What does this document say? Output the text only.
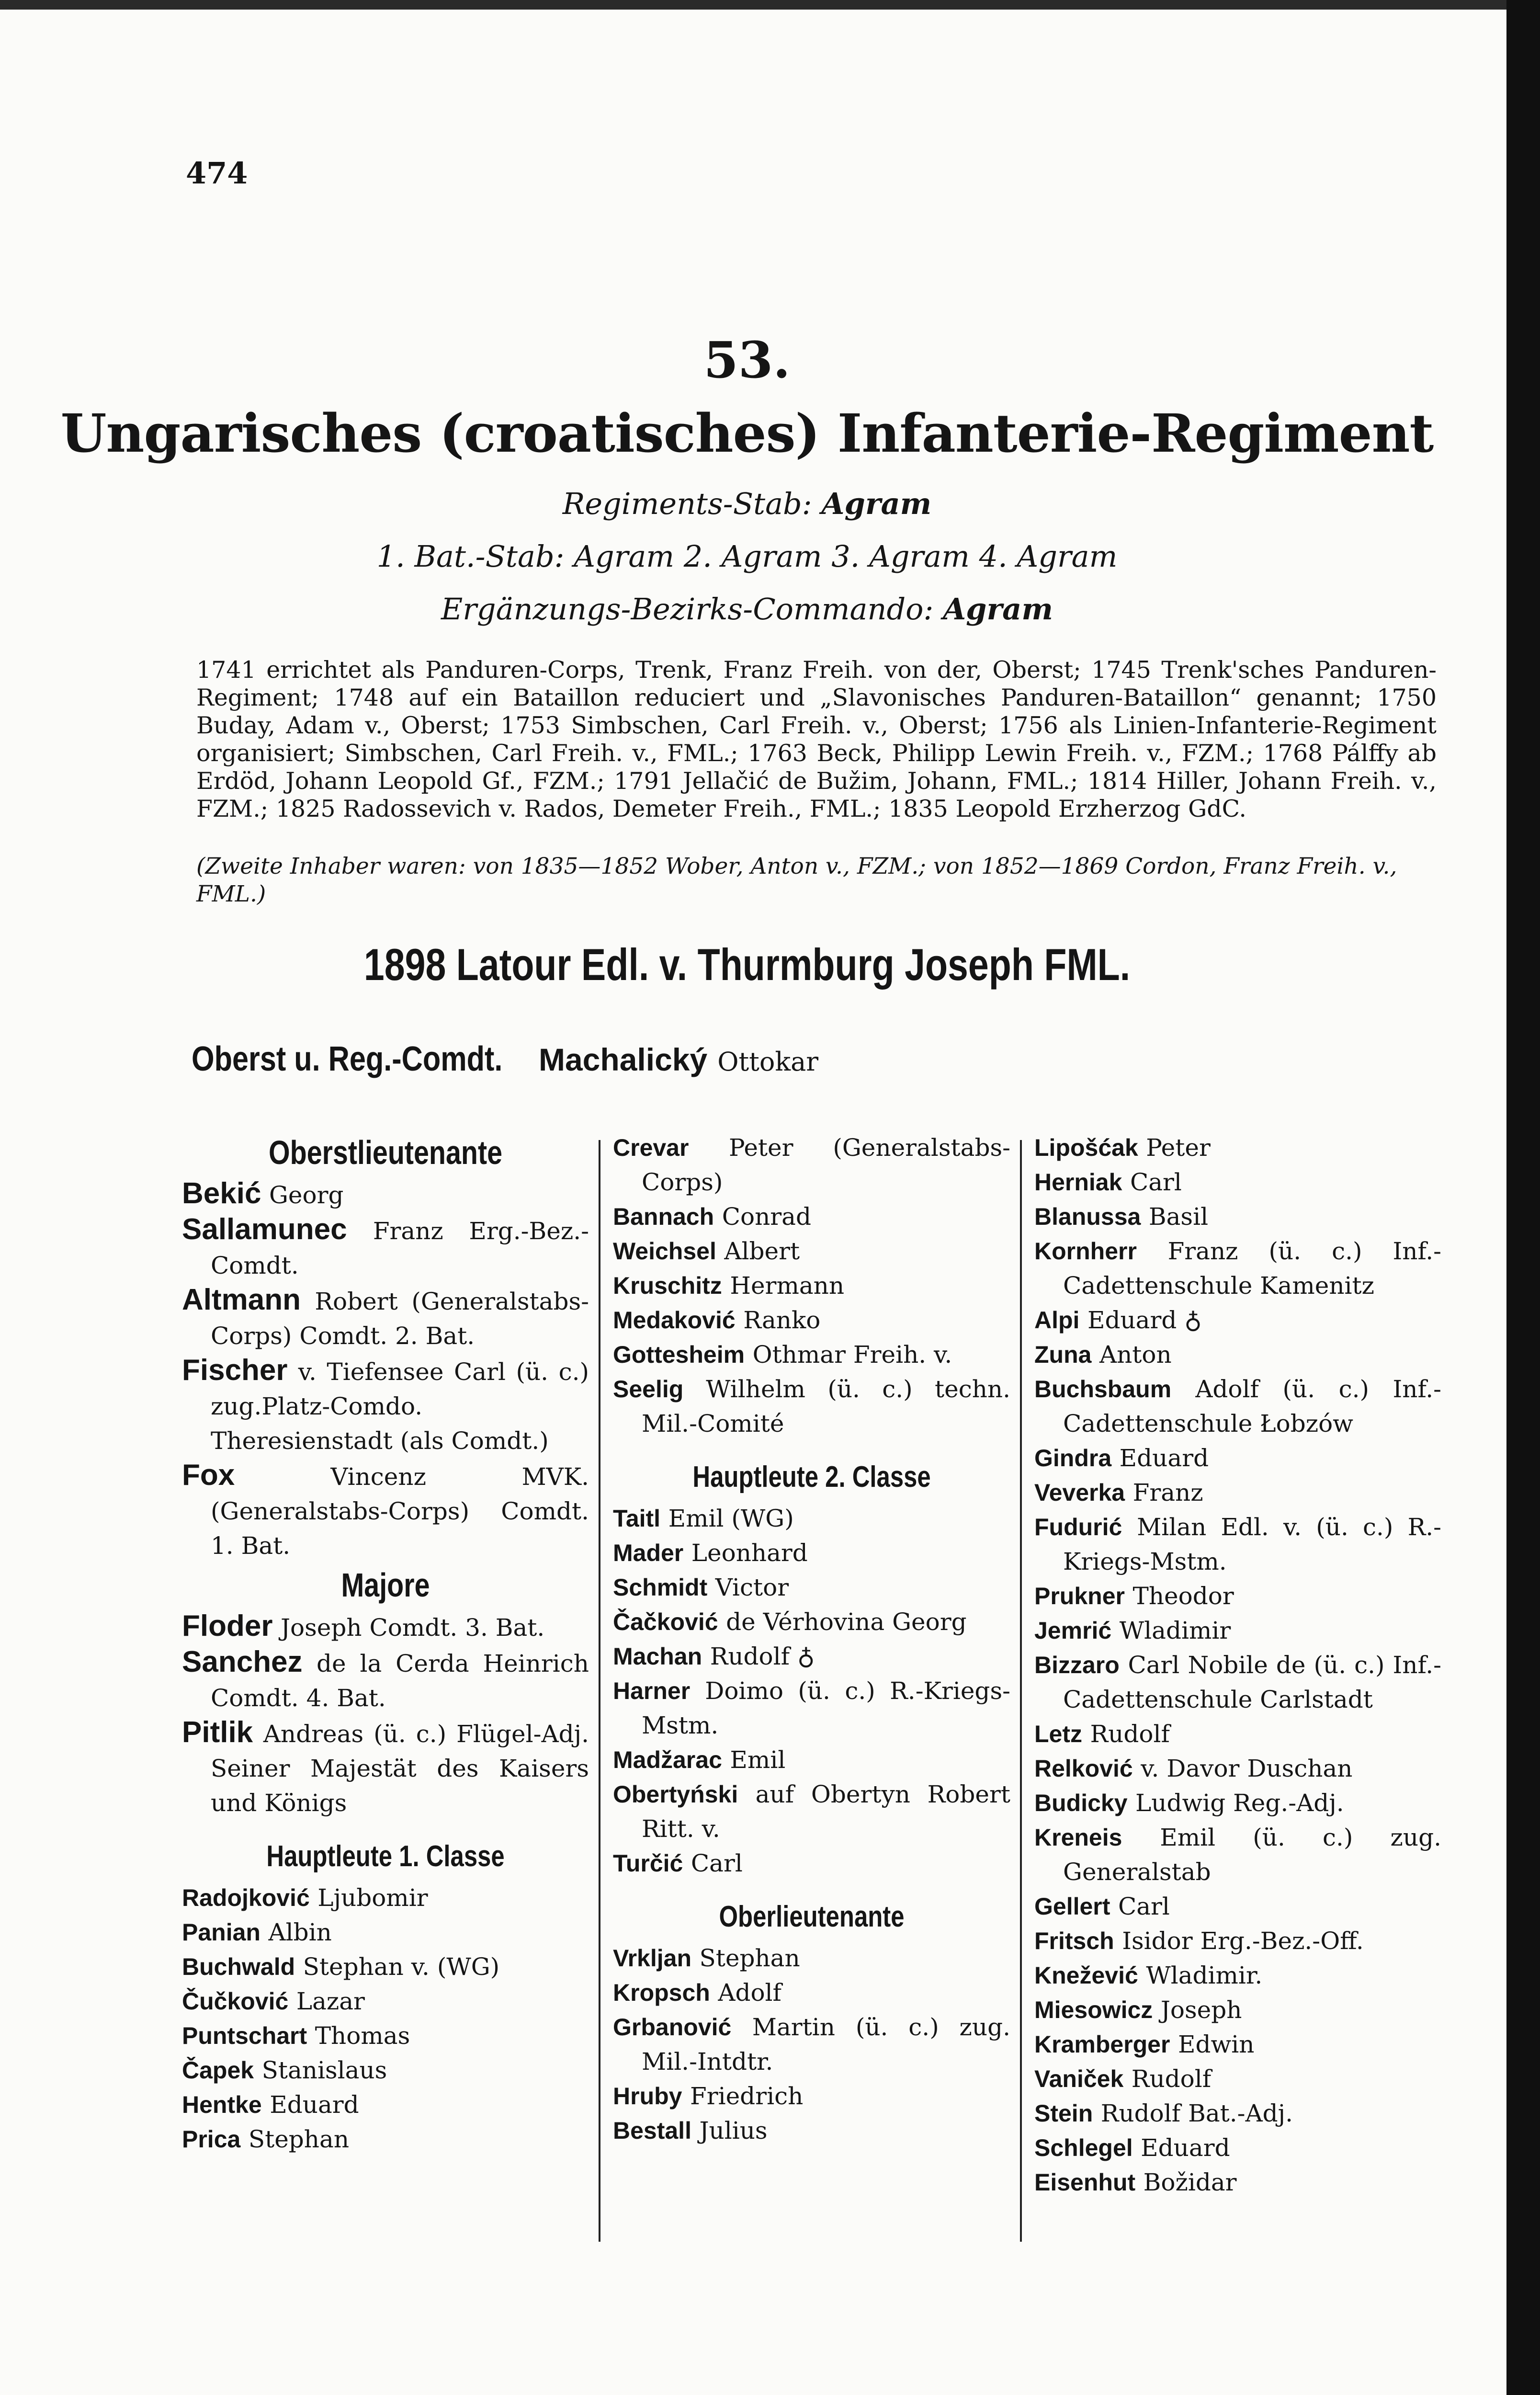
474
53.
Ungarisches (croatisches) Infanterie-Regiment
Regiments-Stab: Agram
1. Bat.-Stab: Agram 2. Agram 3. Agram 4. Agram
Ergänzungs-Bezirks-Commando: Agram
1741 errichtet als Panduren-Corps, Trenk, Franz Freih. von der, Oberst; 1745 Trenk'sches Panduren-Regiment; 1748 auf ein Bataillon reduciert und „Slavonisches Panduren-Bataillon“ genannt; 1750 Buday, Adam v., Oberst; 1753 Simbschen, Carl Freih. v., Oberst; 1756 als Linien-Infanterie-Regiment organisiert; Simbschen, Carl Freih. v., FML.; 1763 Beck, Philipp Lewin Freih. v., FZM.; 1768 Pálffy ab Erdöd, Johann Leopold Gf., FZM.; 1791 Jellačić de Bužim, Johann, FML.; 1814 Hiller, Johann Freih. v., FZM.; 1825 Radossevich v. Rados, Demeter Freih., FML.; 1835 Leopold Erzherzog GdC.
(Zweite Inhaber waren: von 1835—1852 Wober, Anton v., FZM.; von 1852—1869 Cordon, Franz Freih. v., FML.)
1898 Latour Edl. v. Thurmburg Joseph FML.
Oberst u. Reg.-Comdt. Machalický Ottokar
Oberstlieutenante
Bekić Georg
Sallamunec Franz Erg.-Bez.-Comdt.
Altmann Robert (Generalstabs-Corps) Comdt. 2. Bat.
Fischer v. Tiefensee Carl (ü. c.) zug.Platz-Comdo. Theresienstadt (als Comdt.)
Fox	Vincenz MVK. (Generalstabs-Corps) Comdt. 1. Bat.
Majore
Floder Joseph Comdt. 3. Bat.
Sanchez de la Cerda Heinrich Comdt. 4. Bat.
Pitlik Andreas (ü. c.) Flügel-Adj. Seiner Majestät des Kaisers und Königs
Hauptleute 1. Classe
Radojković Ljubomir
Panian Albin
Buchwald Stephan v. (WG)
Čučković Lazar
Puntschart Thomas
Čapek Stanislaus
Hentke Eduard
Prica Stephan
Crevar Peter (Generalstabs-Corps)
Bannach Conrad
Weichsel Albert
Kruschitz Hermann
Medaković Ranko
Gottesheim Othmar Freih. v.
Seelig Wilhelm (ü. c.) techn. Mil.-Comité
Hauptleute 2. Classe
Taitl Emil (WG)
Mader Leonhard
Schmidt Victor
Čačković de Vérhovina Georg
Machan Rudolf ♁
Harner Doimo (ü. c.) R.-Kriegs-Mstm.
Madžarac Emil
Obertyński auf Obertyn Robert Ritt. v.
Turčić Carl
Oberlieutenante
Vrkljan Stephan
Kropsch Adolf
Grbanović Martin (ü. c.) zug. Mil.-Intdtr.
Hruby Friedrich
Bestall Julius
Lipošćak Peter
Herniak Carl
Blanussa Basil
Kornherr Franz (ü. c.) Inf.-Cadettenschule Kamenitz
Alpi Eduard ♁
Zuna Anton
Buchsbaum Adolf (ü. c.) Inf.-Cadettenschule Łobzów
Gindra Eduard
Veverka Franz
Fudurić Milan Edl. v. (ü. c.) R.-Kriegs-Mstm.
Prukner Theodor
Jemrić Wladimir
Bizzaro Carl Nobile de (ü. c.) Inf.-Cadettenschule Carlstadt
Letz Rudolf
Relković v. Davor Duschan
Budicky Ludwig Reg.-Adj.
Kreneis Emil (ü. c.) zug. Generalstab
Gellert Carl
Fritsch Isidor Erg.-Bez.-Off.
Knežević Wladimir.
Miesowicz Joseph
Kramberger Edwin
Vaniček Rudolf
Stein Rudolf Bat.-Adj.
Schlegel Eduard
Eisenhut Božidar
